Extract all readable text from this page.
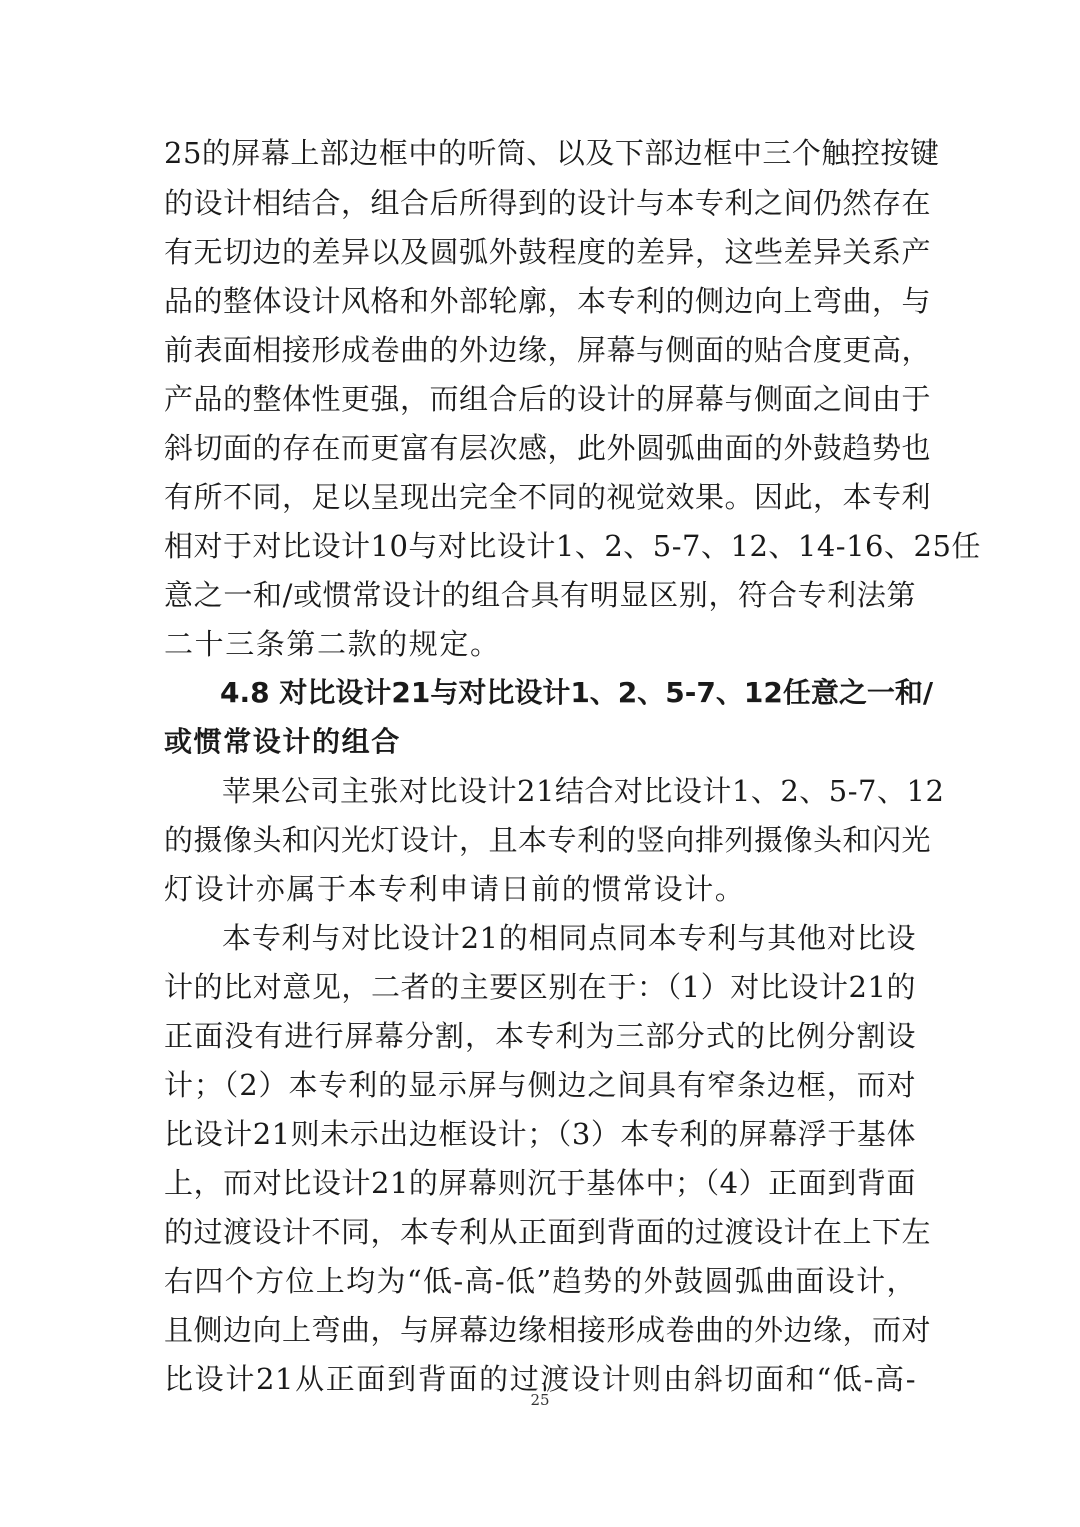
25的屏幕上部边框中的听筒、以及下部边框中三个触控按键
的设计相结合，组合后所得到的设计与本专利之间仍然存在
有无切边的差异以及圆弧外鼓程度的差异，这些差异关系产
品的整体设计风格和外部轮廓，本专利的侧边向上弯曲，与
前表面相接形成卷曲的外边缘，屏幕与侧面的贴合度更高，
产品的整体性更强，而组合后的设计的屏幕与侧面之间由于
斜切面的存在而更富有层次感，此外圆弧曲面的外鼓趋势也
有所不同，足以呈现出完全不同的视觉效果。因此，本专利
相对于对比设计10与对比设计1、2、5-7、12、14-16、25任
意之一和/或惯常设计的组合具有明显区别，符合专利法第
二十三条第二款的规定。
4.8 对比设计21与对比设计1、2、5-7、12任意之一和/
或惯常设计的组合
苹果公司主张对比设计21结合对比设计1、2、5-7、12
的摄像头和闪光灯设计，且本专利的竖向排列摄像头和闪光
灯设计亦属于本专利申请日前的惯常设计。
本专利与对比设计21的相同点同本专利与其他对比设
计的比对意见，二者的主要区别在于：（1）对比设计21的
正面没有进行屏幕分割，本专利为三部分式的比例分割设
计；（2）本专利的显示屏与侧边之间具有窄条边框，而对
比设计21则未示出边框设计；（3）本专利的屏幕浮于基体
上，而对比设计21的屏幕则沉于基体中；（4）正面到背面
的过渡设计不同，本专利从正面到背面的过渡设计在上下左
右四个方位上均为“低-高-低”趋势的外鼓圆弧曲面设计，
且侧边向上弯曲，与屏幕边缘相接形成卷曲的外边缘，而对
比设计21从正面到背面的过渡设计则由斜切面和“低-高-
25
